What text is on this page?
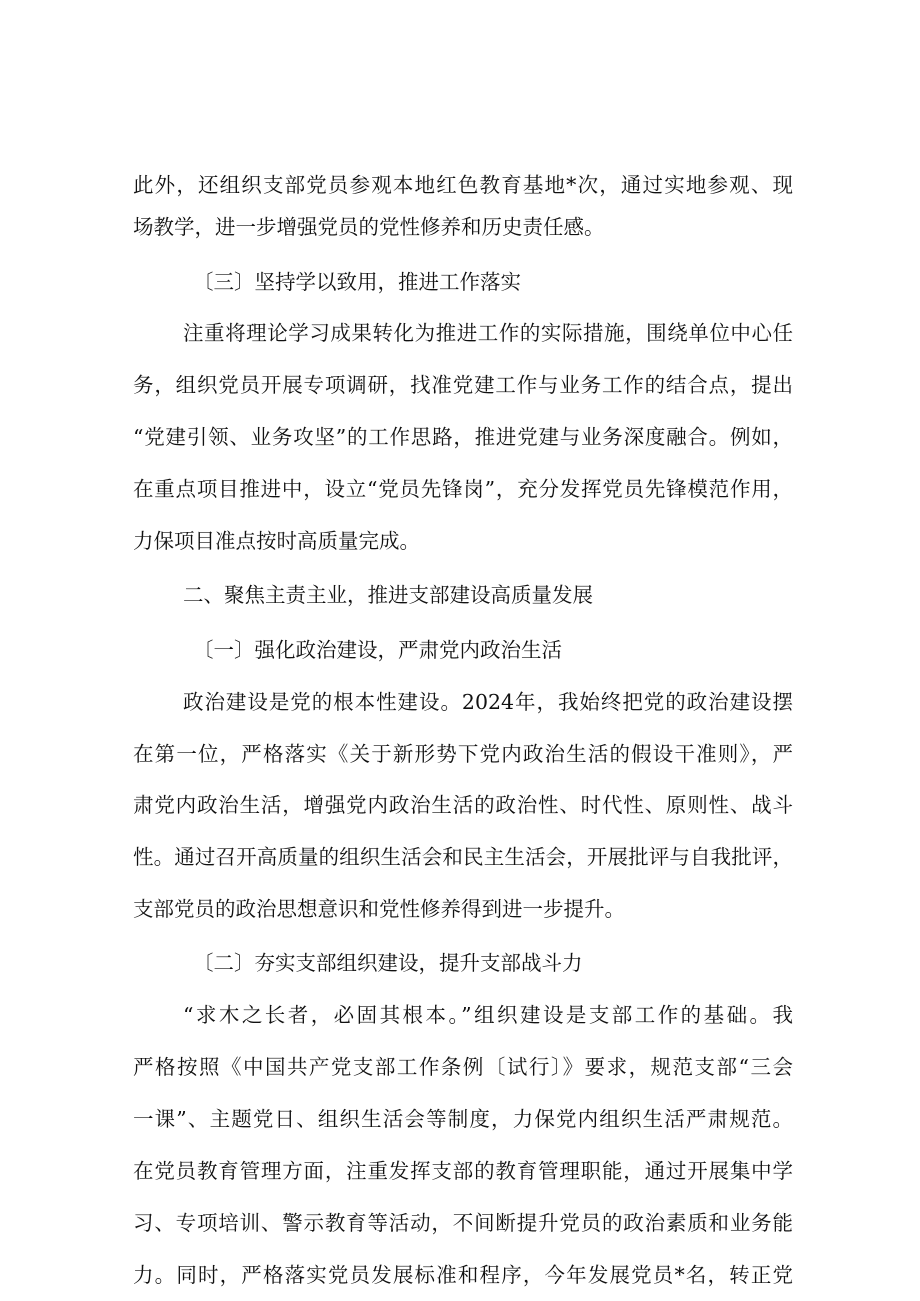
此外，还组织支部党员参观本地红色教育基地*次，通过实地参观、现
场教学，进一步增强党员的党性修养和历史责任感。
〔三〕坚持学以致用，推进工作落实
注重将理论学习成果转化为推进工作的实际措施，围绕单位中心任
务，组织党员开展专项调研，找准党建工作与业务工作的结合点，提出
“党建引领、业务攻坚”的工作思路，推进党建与业务深度融合。例如，
在重点项目推进中，设立“党员先锋岗”，充分发挥党员先锋模范作用，
力保项目准点按时高质量完成。
二、聚焦主责主业，推进支部建设高质量发展
〔一〕强化政治建设，严肃党内政治生活
政治建设是党的根本性建设。2024年，我始终把党的政治建设摆
在第一位，严格落实《关于新形势下党内政治生活的假设干准则》，严
肃党内政治生活，增强党内政治生活的政治性、时代性、原则性、战斗
性。通过召开高质量的组织生活会和民主生活会，开展批评与自我批评，
支部党员的政治思想意识和党性修养得到进一步提升。
〔二〕夯实支部组织建设，提升支部战斗力
“求木之长者，必固其根本。”组织建设是支部工作的基础。我
严格按照《中国共产党支部工作条例〔试行〕》要求，规范支部“三会
一课”、主题党日、组织生活会等制度，力保党内组织生活严肃规范。
在党员教育管理方面，注重发挥支部的教育管理职能，通过开展集中学
习、专项培训、警示教育等活动，不间断提升党员的政治素质和业务能
力。同时，严格落实党员发展标准和程序，今年发展党员*名，转正党
